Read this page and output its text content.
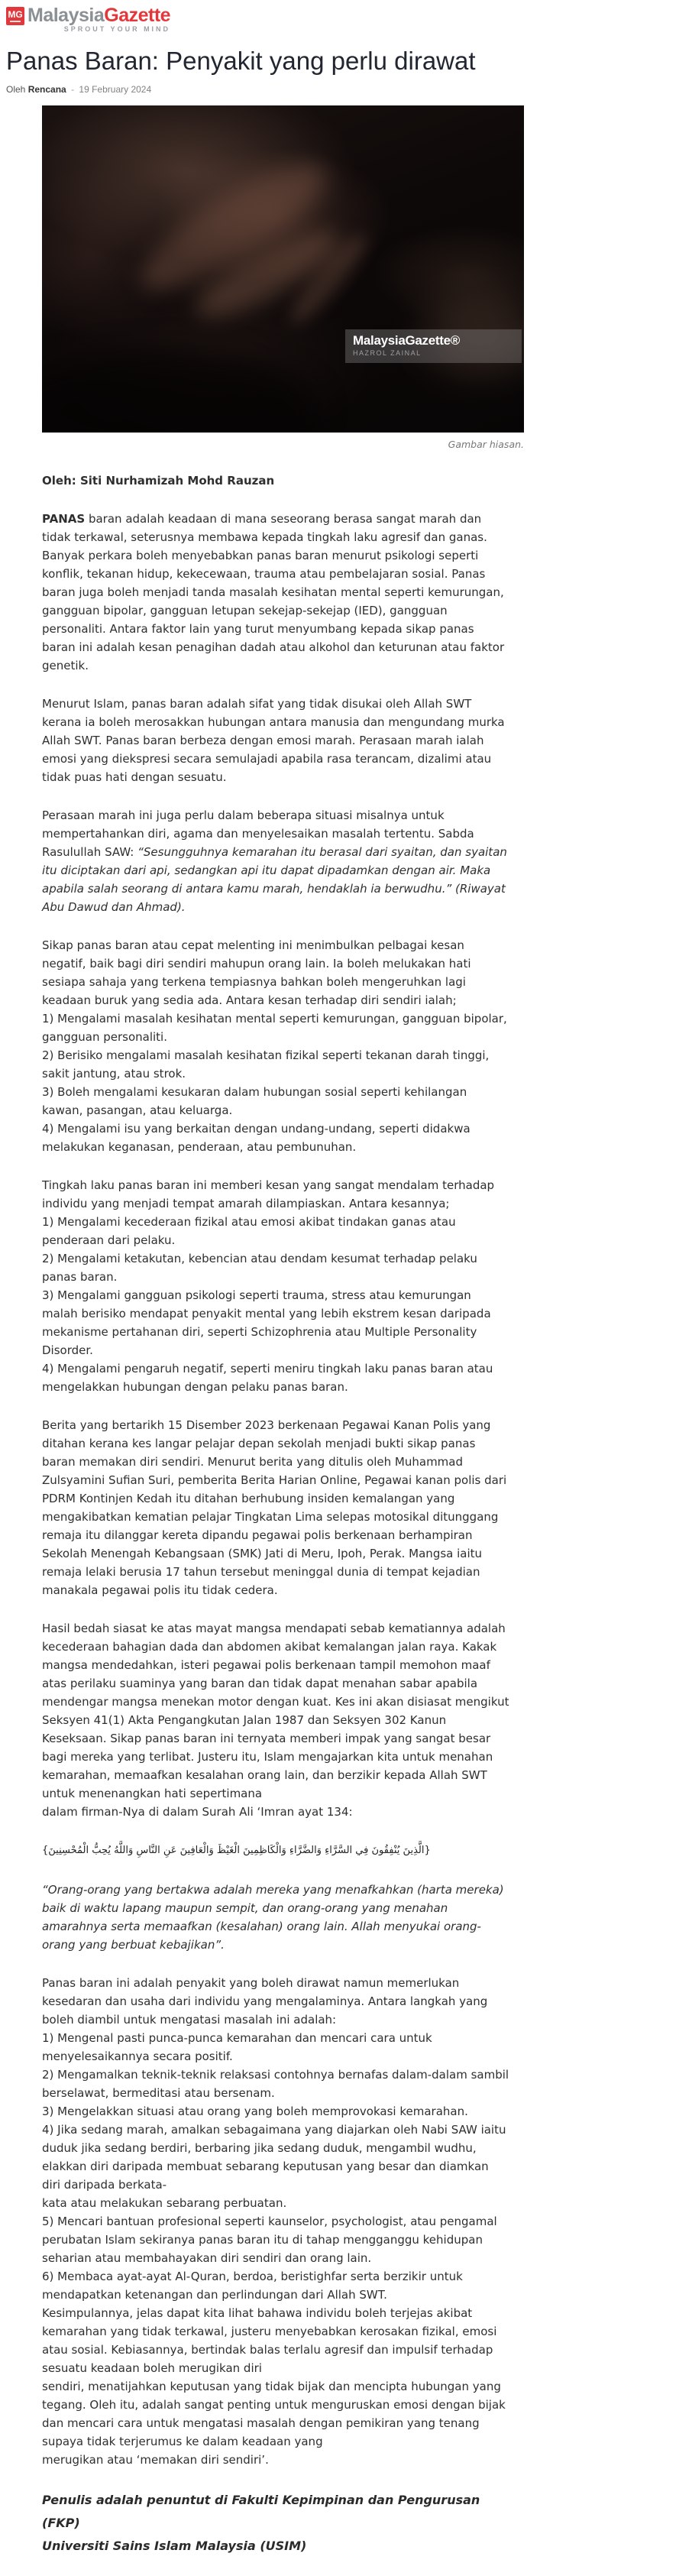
MG MalaysiaGazette
SPROUT YOUR MIND
Panas Baran: Penyakit yang perlu dirawat
Oleh Rencana - 19 February 2024
MalaysiaGazette®
HAZROL ZAINAL
Gambar hiasan.

Oleh: Siti Nurhamizah Mohd Rauzan

PANAS baran adalah keadaan di mana seseorang berasa sangat marah dan tidak terkawal, seterusnya membawa kepada tingkah laku agresif dan ganas. Banyak perkara boleh menyebabkan panas baran menurut psikologi seperti konflik, tekanan hidup, kekecewaan, trauma atau pembelajaran sosial. Panas baran juga boleh menjadi tanda masalah kesihatan mental seperti kemurungan, gangguan bipolar, gangguan letupan sekejap-sekejap (IED), gangguan personaliti. Antara faktor lain yang turut menyumbang kepada sikap panas baran ini adalah kesan penagihan dadah atau alkohol dan keturunan atau faktor genetik.

Menurut Islam, panas baran adalah sifat yang tidak disukai oleh Allah SWT kerana ia boleh merosakkan hubungan antara manusia dan mengundang murka Allah SWT. Panas baran berbeza dengan emosi marah. Perasaan marah ialah emosi yang diekspresi secara semulajadi apabila rasa terancam, dizalimi atau tidak puas hati dengan sesuatu.

Perasaan marah ini juga perlu dalam beberapa situasi misalnya untuk mempertahankan diri, agama dan menyelesaikan masalah tertentu. Sabda Rasulullah SAW: “Sesungguhnya kemarahan itu berasal dari syaitan, dan syaitan itu diciptakan dari api, sedangkan api itu dapat dipadamkan dengan air. Maka apabila salah seorang di antara kamu marah, hendaklah ia berwudhu.” (Riwayat Abu Dawud dan Ahmad).

Sikap panas baran atau cepat melenting ini menimbulkan pelbagai kesan negatif, baik bagi diri sendiri mahupun orang lain. Ia boleh melukakan hati sesiapa sahaja yang terkena tempiasnya bahkan boleh mengeruhkan lagi keadaan buruk yang sedia ada. Antara kesan terhadap diri sendiri ialah;

1) Mengalami masalah kesihatan mental seperti kemurungan, gangguan bipolar, gangguan personaliti.

2) Berisiko mengalami masalah kesihatan fizikal seperti tekanan darah tinggi, sakit jantung, atau strok.

3) Boleh mengalami kesukaran dalam hubungan sosial seperti kehilangan kawan, pasangan, atau keluarga.

4) Mengalami isu yang berkaitan dengan undang-undang, seperti didakwa melakukan keganasan, penderaan, atau pembunuhan.

Tingkah laku panas baran ini memberi kesan yang sangat mendalam terhadap individu yang menjadi tempat amarah dilampiaskan. Antara kesannya;

1) Mengalami kecederaan fizikal atau emosi akibat tindakan ganas atau penderaan dari pelaku.

2) Mengalami ketakutan, kebencian atau dendam kesumat terhadap pelaku panas baran.

3) Mengalami gangguan psikologi seperti trauma, stress atau kemurungan malah berisiko mendapat penyakit mental yang lebih ekstrem kesan daripada mekanisme pertahanan diri, seperti Schizophrenia atau Multiple Personality Disorder.

4) Mengalami pengaruh negatif, seperti meniru tingkah laku panas baran atau mengelakkan hubungan dengan pelaku panas baran.

Berita yang bertarikh 15 Disember 2023 berkenaan Pegawai Kanan Polis yang ditahan kerana kes langar pelajar depan sekolah menjadi bukti sikap panas baran memakan diri sendiri. Menurut berita yang ditulis oleh Muhammad Zulsyamini Sufian Suri, pemberita Berita Harian Online, Pegawai kanan polis dari PDRM Kontinjen Kedah itu ditahan berhubung insiden kemalangan yang mengakibatkan kematian pelajar Tingkatan Lima selepas motosikal ditunggang remaja itu dilanggar kereta dipandu pegawai polis berkenaan berhampiran Sekolah Menengah Kebangsaan (SMK) Jati di Meru, Ipoh, Perak. Mangsa iaitu remaja lelaki berusia 17 tahun tersebut meninggal dunia di tempat kejadian manakala pegawai polis itu tidak cedera.

Hasil bedah siasat ke atas mayat mangsa mendapati sebab kematiannya adalah kecederaan bahagian dada dan abdomen akibat kemalangan jalan raya. Kakak mangsa mendedahkan, isteri pegawai polis berkenaan tampil memohon maaf atas perilaku suaminya yang baran dan tidak dapat menahan sabar apabila mendengar mangsa menekan motor dengan kuat. Kes ini akan disiasat mengikut Seksyen 41(1) Akta Pengangkutan Jalan 1987 dan Seksyen 302 Kanun Keseksaan. Sikap panas baran ini ternyata memberi impak yang sangat besar bagi mereka yang terlibat. Justeru itu, Islam mengajarkan kita untuk menahan kemarahan, memaafkan kesalahan orang lain, dan berzikir kepada Allah SWT untuk menenangkan hati sepertimana
dalam firman-Nya di dalam Surah Ali ‘Imran ayat 134:

{الَّذِينَ يُنْفِقُونَ فِي السَّرَّاءِ وَالضَّرَّاءِ وَالْكَاظِمِينَ الْغَيْظَ وَالْعَافِينَ عَنِ النَّاسِ وَاللَّهُ يُحِبُّ الْمُحْسِنِينَ}

“Orang-orang yang bertakwa adalah mereka yang menafkahkan (harta mereka) baik di waktu lapang maupun sempit, dan orang-orang yang menahan amarahnya serta memaafkan (kesalahan) orang lain. Allah menyukai orang-orang yang berbuat kebajikan”.

Panas baran ini adalah penyakit yang boleh dirawat namun memerlukan kesedaran dan usaha dari individu yang mengalaminya. Antara langkah yang boleh diambil untuk mengatasi masalah ini adalah:

1) Mengenal pasti punca-punca kemarahan dan mencari cara untuk menyelesaikannya secara positif.

2) Mengamalkan teknik-teknik relaksasi contohnya bernafas dalam-dalam sambil berselawat, bermeditasi atau bersenam.

3) Mengelakkan situasi atau orang yang boleh memprovokasi kemarahan.

4) Jika sedang marah, amalkan sebagaimana yang diajarkan oleh Nabi SAW iaitu duduk jika sedang berdiri, berbaring jika sedang duduk, mengambil wudhu, elakkan diri daripada membuat sebarang keputusan yang besar dan diamkan diri daripada berkata-
kata atau melakukan sebarang perbuatan.

5) Mencari bantuan profesional seperti kaunselor, psychologist, atau pengamal perubatan Islam sekiranya panas baran itu di tahap mengganggu kehidupan seharian atau membahayakan diri sendiri dan orang lain.

6) Membaca ayat-ayat Al-Quran, berdoa, beristighfar serta berzikir untuk mendapatkan ketenangan dan perlindungan dari Allah SWT.

Kesimpulannya, jelas dapat kita lihat bahawa individu boleh terjejas akibat kemarahan yang tidak terkawal, justeru menyebabkan kerosakan fizikal, emosi atau sosial. Kebiasannya, bertindak balas terlalu agresif dan impulsif terhadap sesuatu keadaan boleh merugikan diri
sendiri, menatijahkan keputusan yang tidak bijak dan mencipta hubungan yang tegang. Oleh itu, adalah sangat penting untuk menguruskan emosi dengan bijak dan mencari cara untuk mengatasi masalah dengan pemikiran yang tenang supaya tidak terjerumus ke dalam keadaan yang
merugikan atau ‘memakan diri sendiri’.

Penulis adalah penuntut di Fakulti Kepimpinan dan Pengurusan (FKP)
Universiti Sains Islam Malaysia (USIM)
